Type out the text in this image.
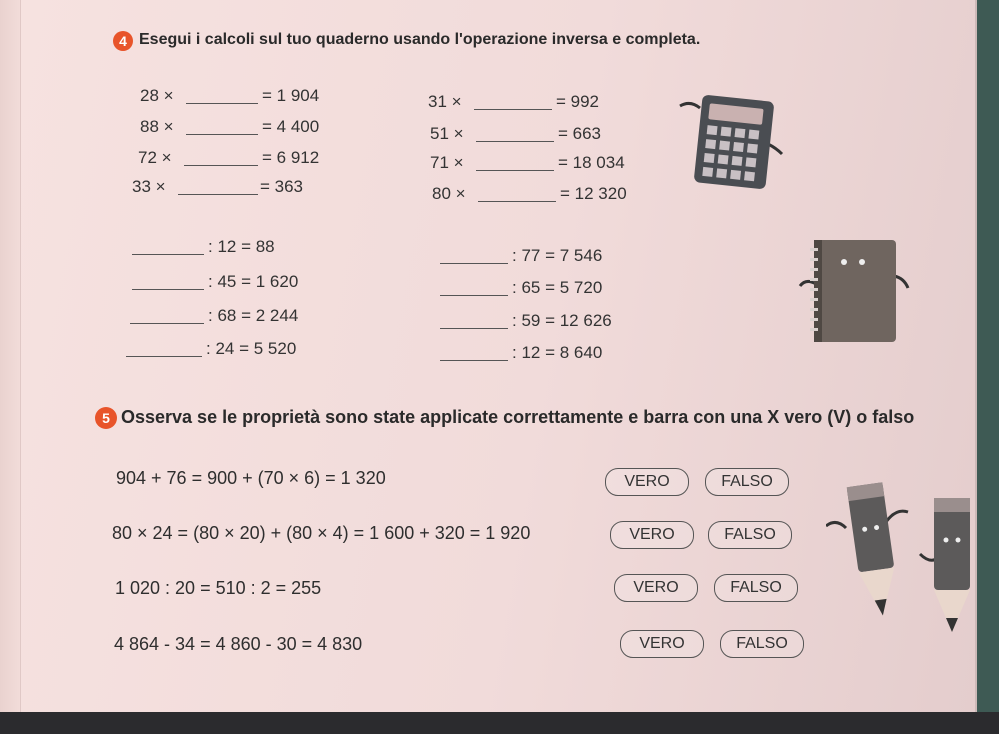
4 Esegui i calcoli sul tuo quaderno usando l'operazione inversa e completa.
28 ×	= 1 904
88 ×	= 4 400
72 ×	= 6 912
33 ×	= 363
31 ×	= 992
51 ×	= 663
71 ×	= 18 034
80 ×	= 12 320
: 12 = 88
: 45 = 1 620
: 68 = 2 244
: 24 = 5 520
: 77 = 7 546
: 65 = 5 720
: 59 = 12 626
: 12 = 8 640
5 Osserva se le proprietà sono state applicate correttamente e barra con una X vero (V) o falso
904 + 76 = 900 + (70 × 6) = 1 320	VERO	FALSO
80 × 24 = (80 × 20) + (80 × 4) = 1 600 + 320 = 1 920	VERO	FALSO
1 020 : 20 = 510 : 2 = 255	VERO	FALSO
4 864 - 34 = 4 860 - 30 = 4 830	VERO	FALSO
